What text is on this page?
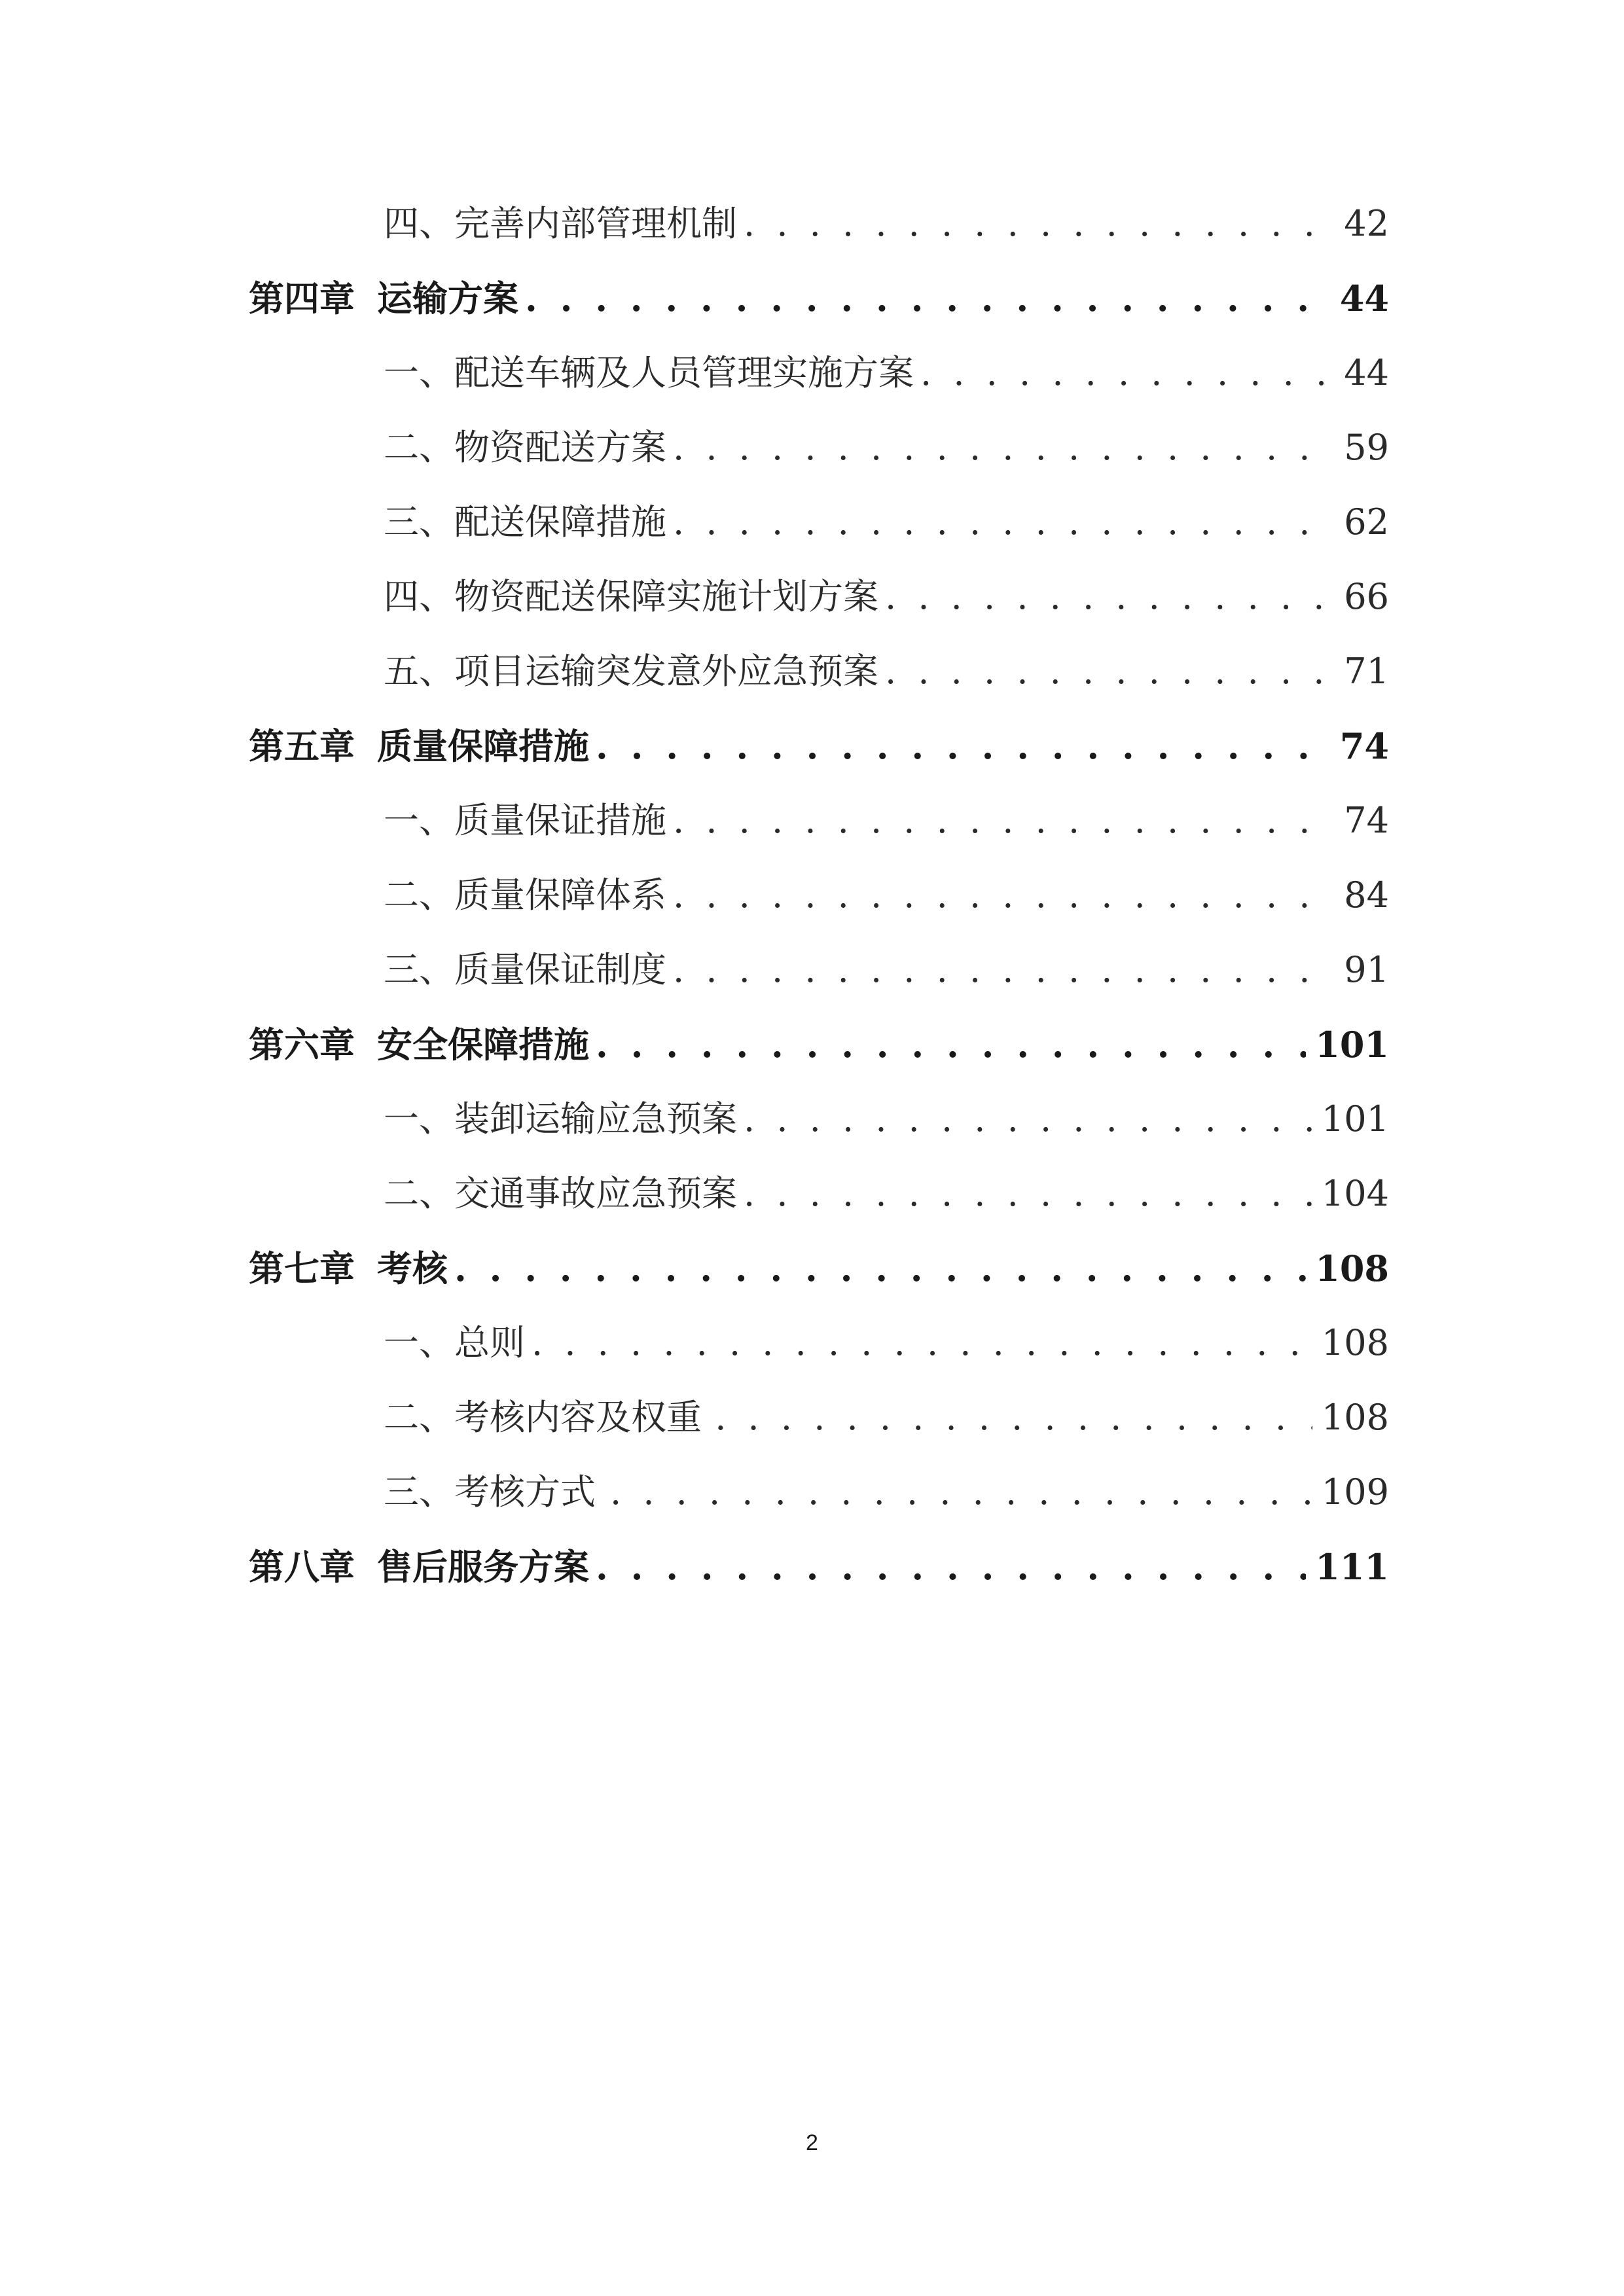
四、完善内部管理机制 . . .	42
第四章 运输方案 . . .	44
一、配送车辆及人员管理实施方案 . . .	44
二、物资配送方案 . . .	59
三、配送保障措施 . . .	62
四、物资配送保障实施计划方案 . . .	66
五、项目运输突发意外应急预案 . . .	71
第五章 质量保障措施 . . .	74
一、质量保证措施 . . .	74
二、质量保障体系 . . .	84
三、质量保证制度 . . .	91
第六章 安全保障措施 . . .	101
一、装卸运输应急预案 . . .	101
二、交通事故应急预案 . . .	104
第七章 考核 . . .	108
一、总则 . . .	108
二、考核内容及权重 . . .	108
三、考核方式 . . .	109
第八章 售后服务方案 . . .	111
2
